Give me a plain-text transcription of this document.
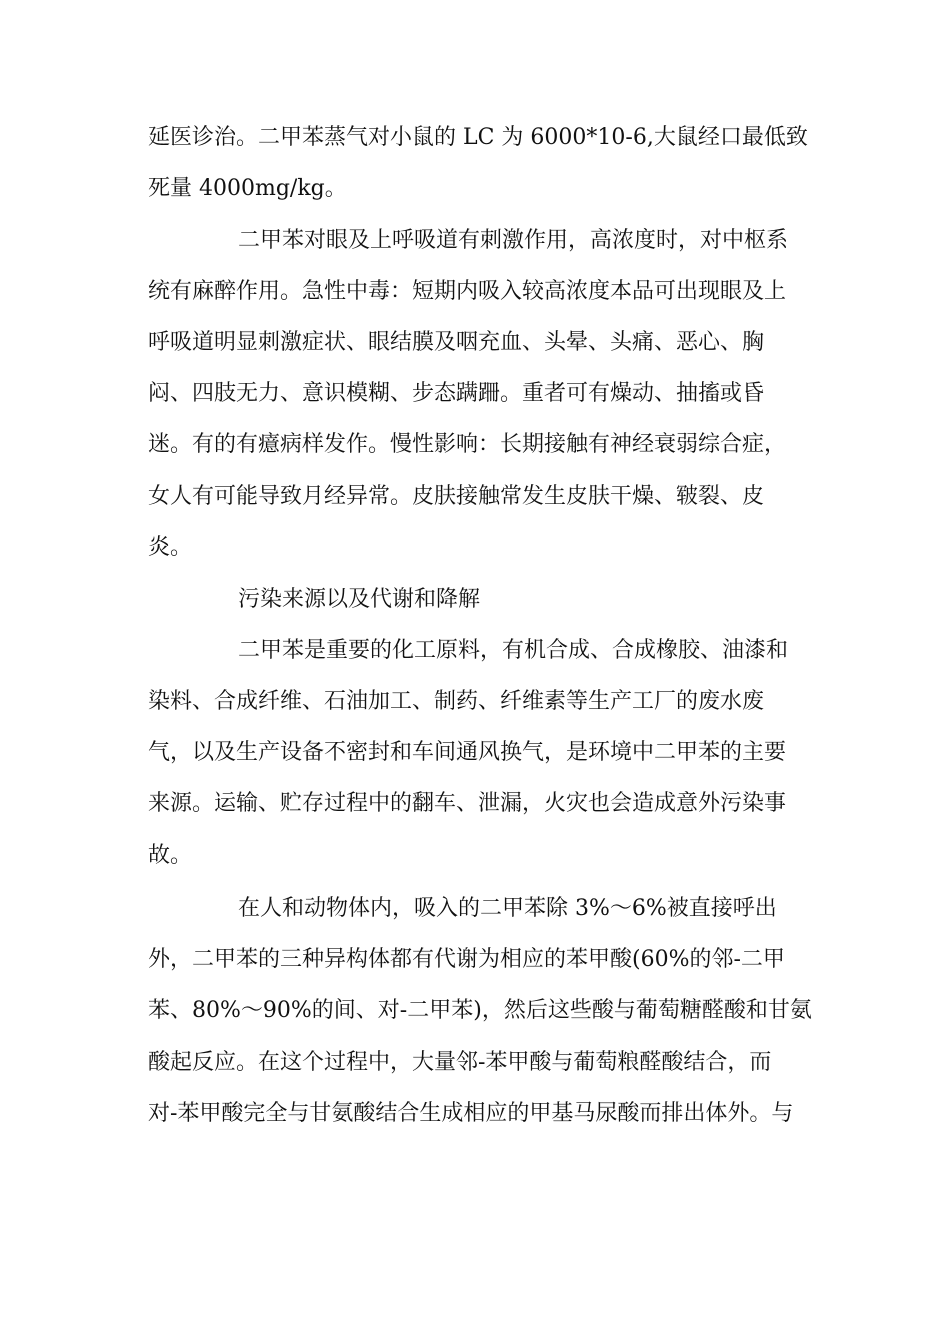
延医诊治。二甲苯蒸气对小鼠的 LC 为 6000*10-6,大鼠经口最低致
死量 4000mg/kg。
二甲苯对眼及上呼吸道有刺激作用，高浓度时，对中枢系
统有麻醉作用。急性中毒：短期内吸入较高浓度本品可出现眼及上
呼吸道明显刺激症状、眼结膜及咽充血、头晕、头痛、恶心、胸
闷、四肢无力、意识模糊、步态蹒跚。重者可有燥动、抽搐或昏
迷。有的有癔病样发作。慢性影响：长期接触有神经衰弱综合症，
女人有可能导致月经异常。皮肤接触常发生皮肤干燥、皲裂、皮
炎。
污染来源以及代谢和降解
二甲苯是重要的化工原料，有机合成、合成橡胶、油漆和
染料、合成纤维、石油加工、制药、纤维素等生产工厂的废水废
气，以及生产设备不密封和车间通风换气，是环境中二甲苯的主要
来源。运输、贮存过程中的翻车、泄漏，火灾也会造成意外污染事
故。
在人和动物体内，吸入的二甲苯除 3%～6%被直接呼出
外，二甲苯的三种异构体都有代谢为相应的苯甲酸(60%的邻-二甲
苯、80%～90%的间、对-二甲苯)，然后这些酸与葡萄糖醛酸和甘氨
酸起反应。在这个过程中，大量邻-苯甲酸与葡萄粮醛酸结合，而
对-苯甲酸完全与甘氨酸结合生成相应的甲基马尿酸而排出体外。与
